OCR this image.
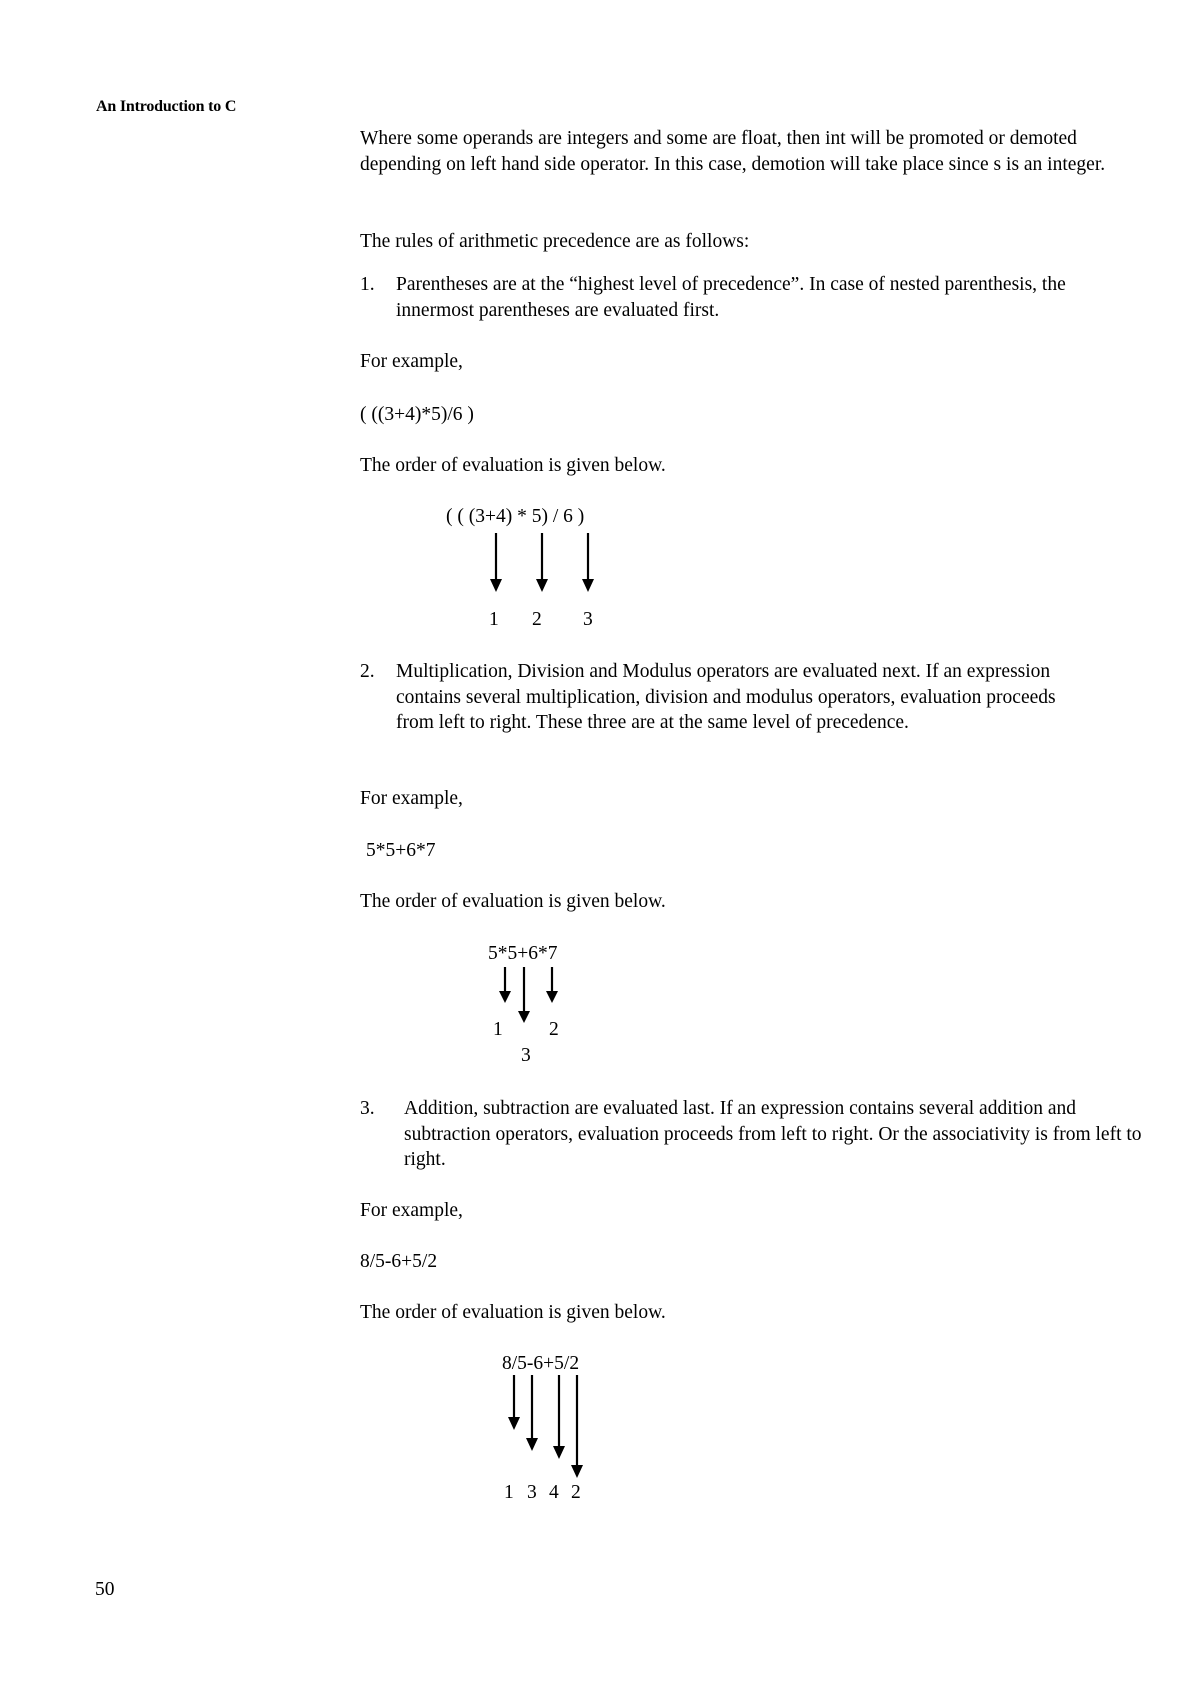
An Introduction to C

Where some operands are integers and some are float, then int will be promoted or demoted depending on left hand side operator. In this case, demotion will take place since s is an integer.

The rules of arithmetic precedence are as follows:

1. Parentheses are at the “highest level of precedence”. In case of nested parenthesis, the innermost parentheses are evaluated first.

For example,

( ((3+4)*5)/6 )

The order of evaluation is given below.

( ( (3+4) * 5) / 6 )
1 2 3
2. Multiplication, Division and Modulus operators are evaluated next. If an expression contains several multiplication, division and modulus operators, evaluation proceeds from left to right. These three are at the same level of precedence.

For example,

5*5+6*7

The order of evaluation is given below.

5*5+6*7
1 2
3
3. Addition, subtraction are evaluated last. If an expression contains several addition and subtraction operators, evaluation proceeds from left to right. Or the associativity is from left to right.

For example,

8/5-6+5/2

The order of evaluation is given below.

8/5-6+5/2
1 3 4 2
50
